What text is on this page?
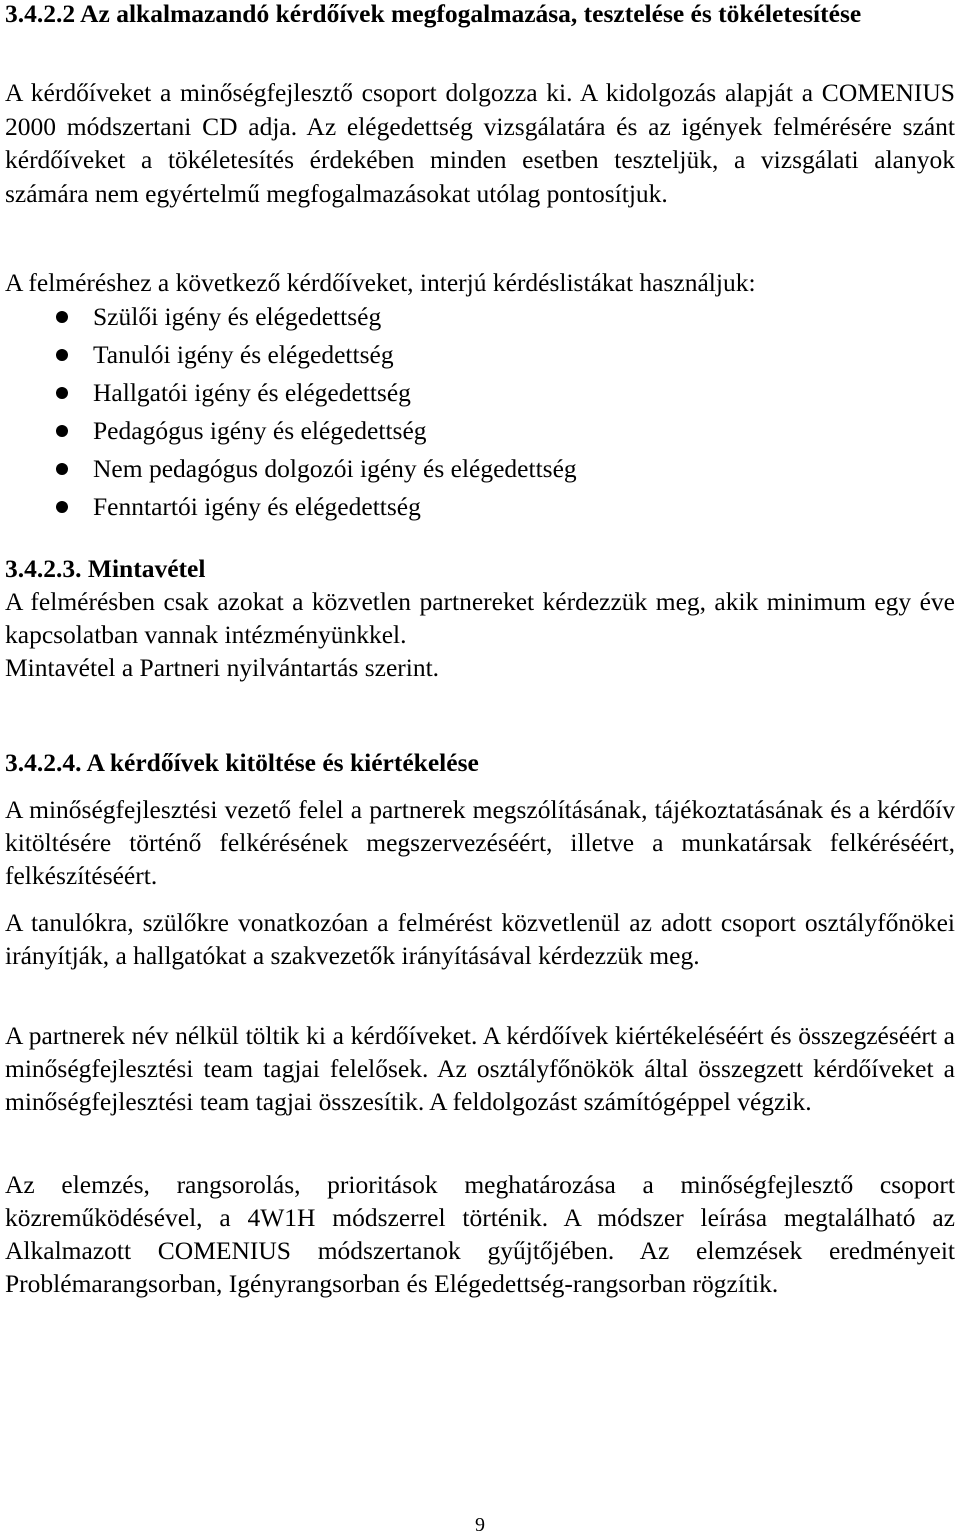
3.4.2.2 Az alkalmazandó kérdőívek megfogalmazása, tesztelése és tökéletesítése

A kérdőíveket a minőségfejlesztő csoport dolgozza ki. A kidolgozás alapját a COMENIUS 2000 módszertani CD adja. Az elégedettség vizsgálatára és az igények felmérésére szánt kérdőíveket a tökéletesítés érdekében minden esetben teszteljük, a vizsgálati alanyok számára nem egyértelmű megfogalmazásokat utólag pontosítjuk.

A felméréshez a következő kérdőíveket, interjú kérdéslistákat használjuk:

Szülői igény és elégedettség
Tanulói igény és elégedettség
Hallgatói igény és elégedettség
Pedagógus igény és elégedettség
Nem pedagógus dolgozói igény és elégedettség
Fenntartói igény és elégedettség

3.4.2.3. Mintavétel

A felmérésben csak azokat a közvetlen partnereket kérdezzük meg, akik minimum egy éve kapcsolatban vannak intézményünkkel.

Mintavétel a Partneri nyilvántartás szerint.

3.4.2.4. A kérdőívek kitöltése és kiértékelése

A minőségfejlesztési vezető felel a partnerek megszólításának, tájékoztatásának és a kérdőív kitöltésére történő felkérésének megszervezéséért, illetve a munkatársak felkéréséért, felkészítéséért.

A tanulókra, szülőkre vonatkozóan a felmérést közvetlenül az adott csoport osztályfőnökei irányítják, a hallgatókat a szakvezetők irányításával kérdezzük meg.

A partnerek név nélkül töltik ki a kérdőíveket. A kérdőívek kiértékeléséért és összegzéséért a minőségfejlesztési team tagjai felelősek. Az osztályfőnökök által összegzett kérdőíveket a minőségfejlesztési team tagjai összesítik. A feldolgozást számítógéppel végzik.

Az elemzés, rangsorolás, prioritások meghatározása a minőségfejlesztő csoport közreműködésével, a 4W1H módszerrel történik. A módszer leírása megtalálható az Alkalmazott COMENIUS módszertanok gyűjtőjében. Az elemzések eredményeit Problémarangsorban, Igényrangsorban és Elégedettség-rangsorban rögzítik.

9
